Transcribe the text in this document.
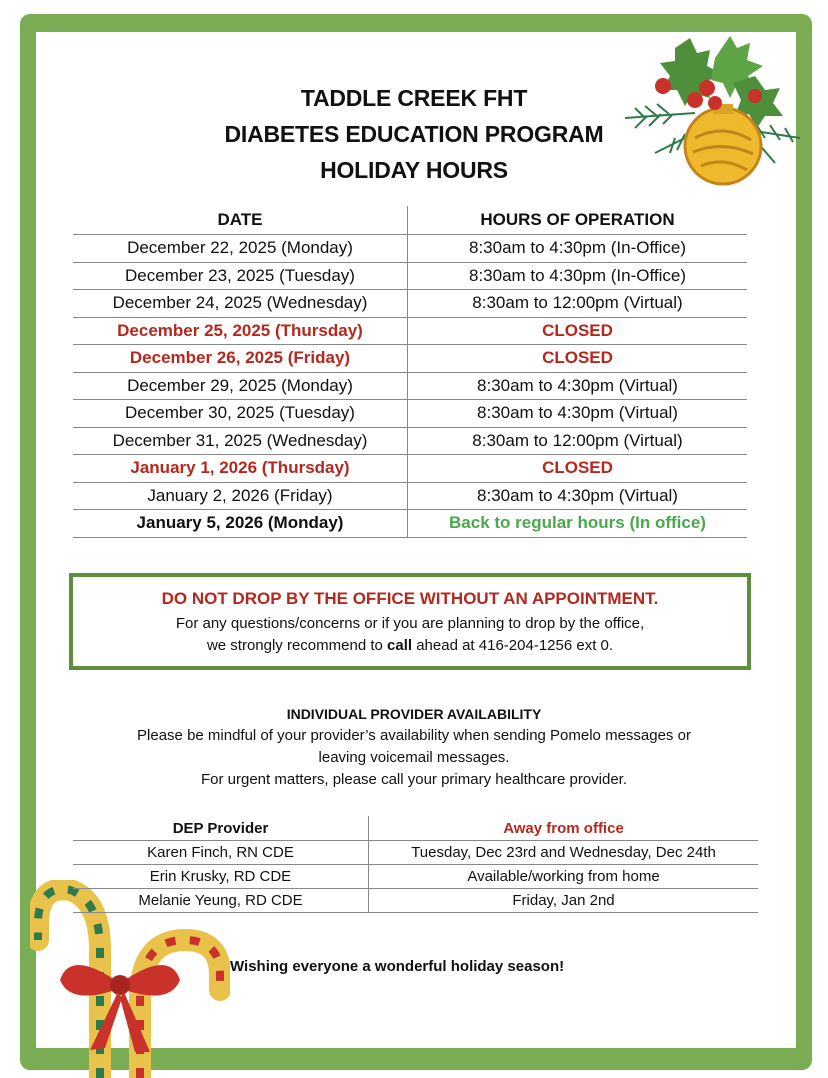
TADDLE CREEK FHT
DIABETES EDUCATION PROGRAM
HOLIDAY HOURS
DATE	HOURS OF OPERATION
December 22, 2025 (Monday)	8:30am to 4:30pm (In-Office)
December 23, 2025 (Tuesday)	8:30am to 4:30pm (In-Office)
December 24, 2025 (Wednesday)	8:30am to 12:00pm (Virtual)
December 25, 2025 (Thursday)	CLOSED
December 26, 2025 (Friday)	CLOSED
December 29, 2025 (Monday)	8:30am to 4:30pm (Virtual)
December 30, 2025 (Tuesday)	8:30am to 4:30pm (Virtual)
December 31, 2025 (Wednesday)	8:30am to 12:00pm (Virtual)
January 1, 2026 (Thursday)	CLOSED
January 2, 2026 (Friday)	8:30am to 4:30pm (Virtual)
January 5, 2026 (Monday)	Back to regular hours (In office)
DO NOT DROP BY THE OFFICE WITHOUT AN APPOINTMENT.
For any questions/concerns or if you are planning to drop by the office,
we strongly recommend to call ahead at 416-204-1256 ext 0.
INDIVIDUAL PROVIDER AVAILABILITY
Please be mindful of your provider’s availability when sending Pomelo messages or
leaving voicemail messages.
For urgent matters, please call your primary healthcare provider.
DEP Provider	Away from office
Karen Finch, RN CDE	Tuesday, Dec 23rd and Wednesday, Dec 24th
Erin Krusky, RD CDE	Available/working from home
Melanie Yeung, RD CDE	Friday, Jan 2nd
Wishing everyone a wonderful holiday season!
